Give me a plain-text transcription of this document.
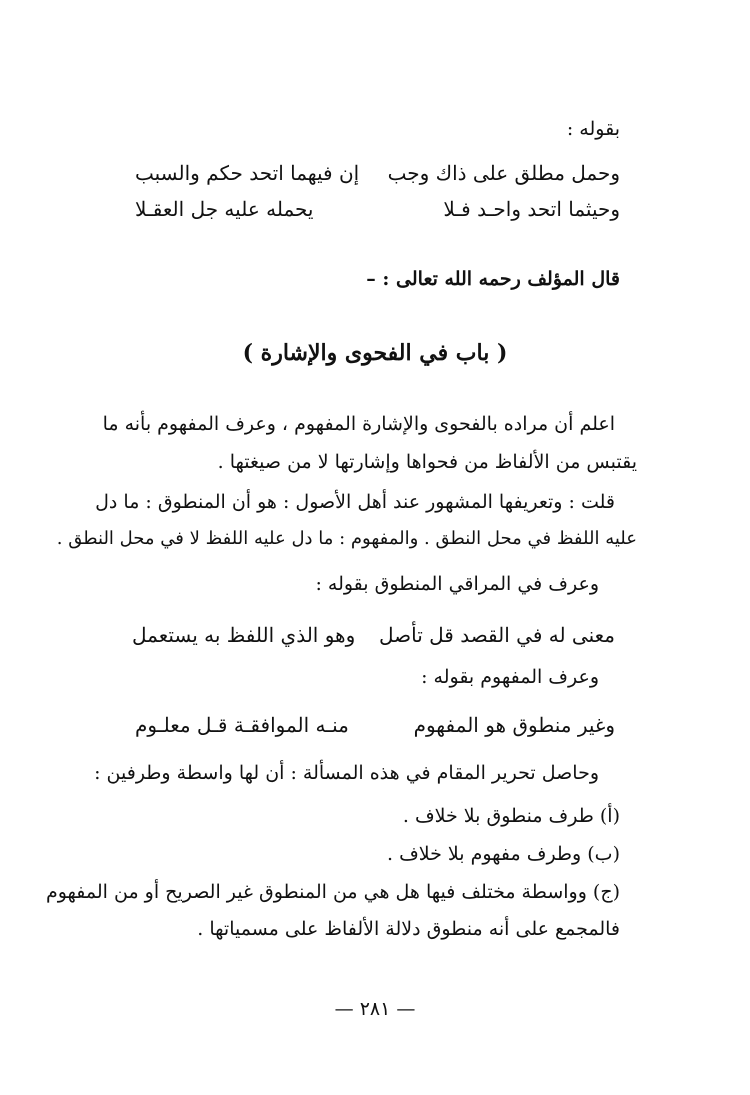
بقوله :
وحمل مطلق على ذاك وجب
إن فيهما اتحد حكم والسبب
وحيثما اتحد واحـد فـلا
يحمله عليه جل العقـلا
قال المؤلف رحمه الله تعالى : –
( باب في الفحوى والإشارة )
اعلم أن مراده بالفحوى والإشارة المفهوم ، وعرف المفهوم بأنه ما
يقتبس من الألفاظ من فحواها وإشارتها لا من صيغتها .
قلت : وتعريفها المشهور عند أهل الأصول : هو أن المنطوق : ما دل
عليه اللفظ في محل النطق . والمفهوم : ما دل عليه اللفظ لا في محل النطق .
وعرف في المراقي المنطوق بقوله :
معنى له في القصد قل تأصل
وهو الذي اللفظ به يستعمل
وعرف المفهوم بقوله :
وغير منطوق هو المفهوم
منـه الموافقـة قـل معلـوم
وحاصل تحرير المقام في هذه المسألة : أن لها واسطة وطرفين :
(أ) طرف منطوق بلا خلاف .
(ب) وطرف مفهوم بلا خلاف .
(ج) وواسطة مختلف فيها هل هي من المنطوق غير الصريح أو من المفهوم
فالمجمع على أنه منطوق دلالة الألفاظ على مسمياتها .
— ٢٨١ —
